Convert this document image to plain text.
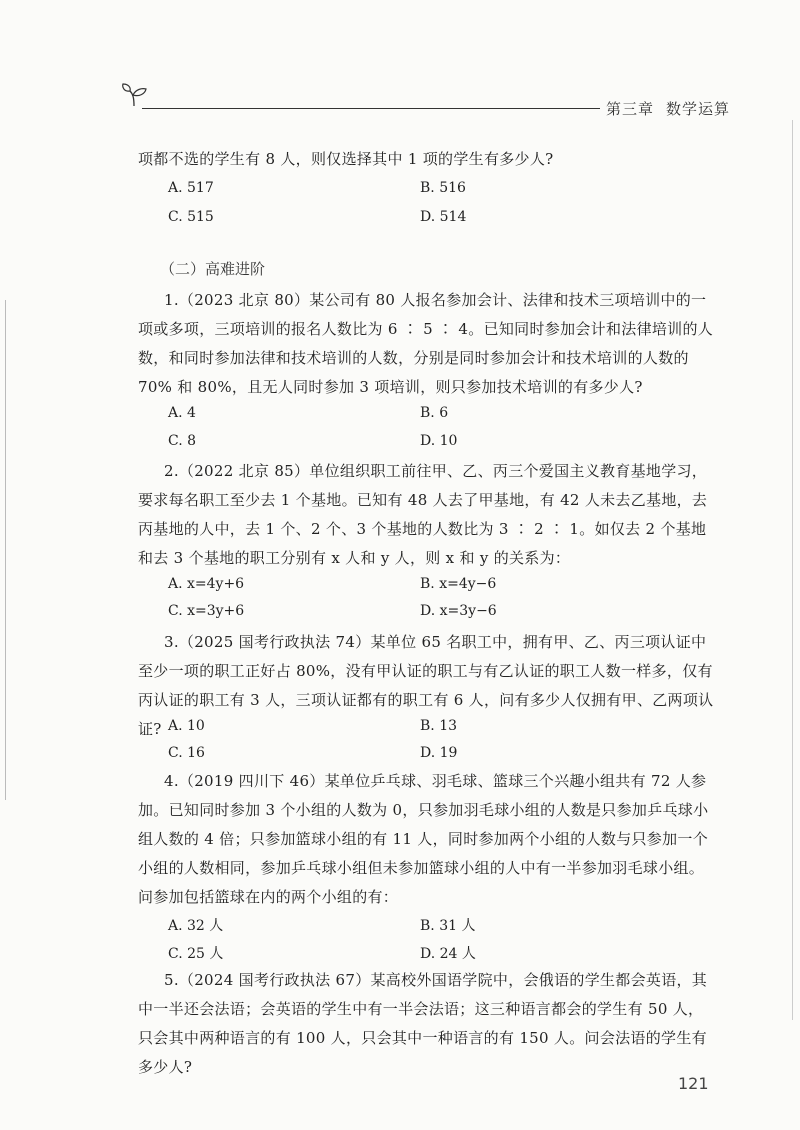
第三章 数学运算

项都不选的学生有 8 人，则仅选择其中 1 项的学生有多少人?

A. 517	B. 516
C. 515	D. 514
（二）高难进阶

1.（2023 北京 80）某公司有 80 人报名参加会计、法律和技术三项培训中的一项或多项，三项培训的报名人数比为 6 ∶ 5 ∶ 4。已知同时参加会计和法律培训的人数，和同时参加法律和技术培训的人数，分别是同时参加会计和技术培训的人数的 70% 和 80%，且无人同时参加 3 项培训，则只参加技术培训的有多少人?

A. 4	B. 6
C. 8	D. 10

2.（2022 北京 85）单位组织职工前往甲、乙、丙三个爱国主义教育基地学习，要求每名职工至少去 1 个基地。已知有 48 人去了甲基地，有 42 人未去乙基地，去丙基地的人中，去 1 个、2 个、3 个基地的人数比为 3 ∶ 2 ∶ 1。如仅去 2 个基地和去 3 个基地的职工分别有 x 人和 y 人，则 x 和 y 的关系为：

A. x=4y+6	B. x=4y−6
C. x=3y+6	D. x=3y−6

3.（2025 国考行政执法 74）某单位 65 名职工中，拥有甲、乙、丙三项认证中至少一项的职工正好占 80%，没有甲认证的职工与有乙认证的职工人数一样多，仅有丙认证的职工有 3 人，三项认证都有的职工有 6 人，问有多少人仅拥有甲、乙两项认证? A. 10	B. 13
C. 16	D. 19

4.（2019 四川下 46）某单位乒乓球、羽毛球、篮球三个兴趣小组共有 72 人参加。已知同时参加 3 个小组的人数为 0，只参加羽毛球小组的人数是只参加乒乓球小组人数的 4 倍；只参加篮球小组的有 11 人，同时参加两个小组的人数与只参加一个小组的人数相同，参加乒乓球小组但未参加篮球小组的人中有一半参加羽毛球小组。问参加包括篮球在内的两个小组的有：

A. 32 人	B. 31 人
C. 25 人	D. 24 人

5.（2024 国考行政执法 67）某高校外国语学院中，会俄语的学生都会英语，其中一半还会法语；会英语的学生中有一半会法语；这三种语言都会的学生有 50 人，只会其中两种语言的有 100 人，只会其中一种语言的有 150 人。问会法语的学生有多少人?

121
